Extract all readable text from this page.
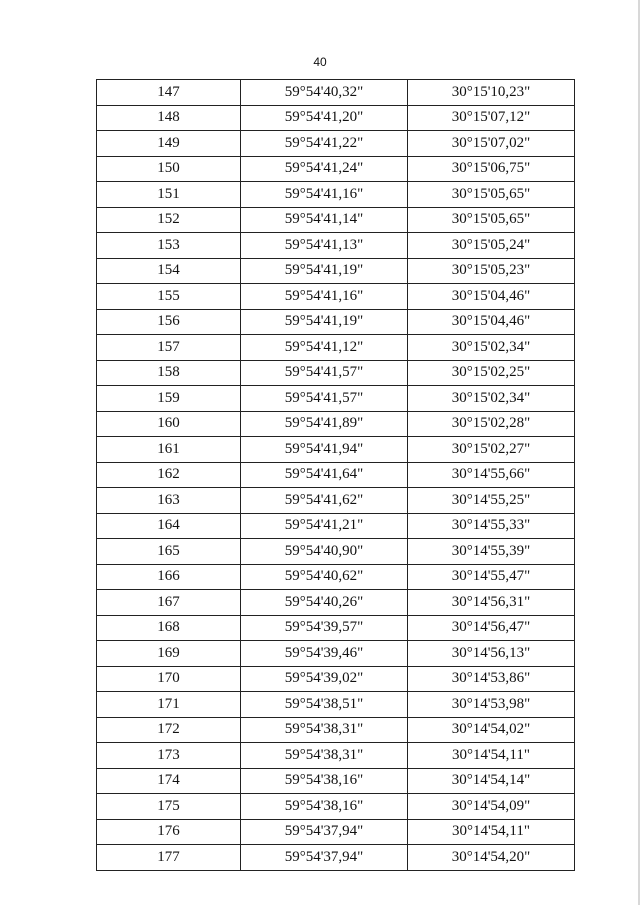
40
147	59°54'40,32"	30°15'10,23"
148	59°54'41,20"	30°15'07,12"
149	59°54'41,22"	30°15'07,02"
150	59°54'41,24"	30°15'06,75"
151	59°54'41,16"	30°15'05,65"
152	59°54'41,14"	30°15'05,65"
153	59°54'41,13"	30°15'05,24"
154	59°54'41,19"	30°15'05,23"
155	59°54'41,16"	30°15'04,46"
156	59°54'41,19"	30°15'04,46"
157	59°54'41,12"	30°15'02,34"
158	59°54'41,57"	30°15'02,25"
159	59°54'41,57"	30°15'02,34"
160	59°54'41,89"	30°15'02,28"
161	59°54'41,94"	30°15'02,27"
162	59°54'41,64"	30°14'55,66"
163	59°54'41,62"	30°14'55,25"
164	59°54'41,21"	30°14'55,33"
165	59°54'40,90"	30°14'55,39"
166	59°54'40,62"	30°14'55,47"
167	59°54'40,26"	30°14'56,31"
168	59°54'39,57"	30°14'56,47"
169	59°54'39,46"	30°14'56,13"
170	59°54'39,02"	30°14'53,86"
171	59°54'38,51"	30°14'53,98"
172	59°54'38,31"	30°14'54,02"
173	59°54'38,31"	30°14'54,11"
174	59°54'38,16"	30°14'54,14"
175	59°54'38,16"	30°14'54,09"
176	59°54'37,94"	30°14'54,11"
177	59°54'37,94"	30°14'54,20"
